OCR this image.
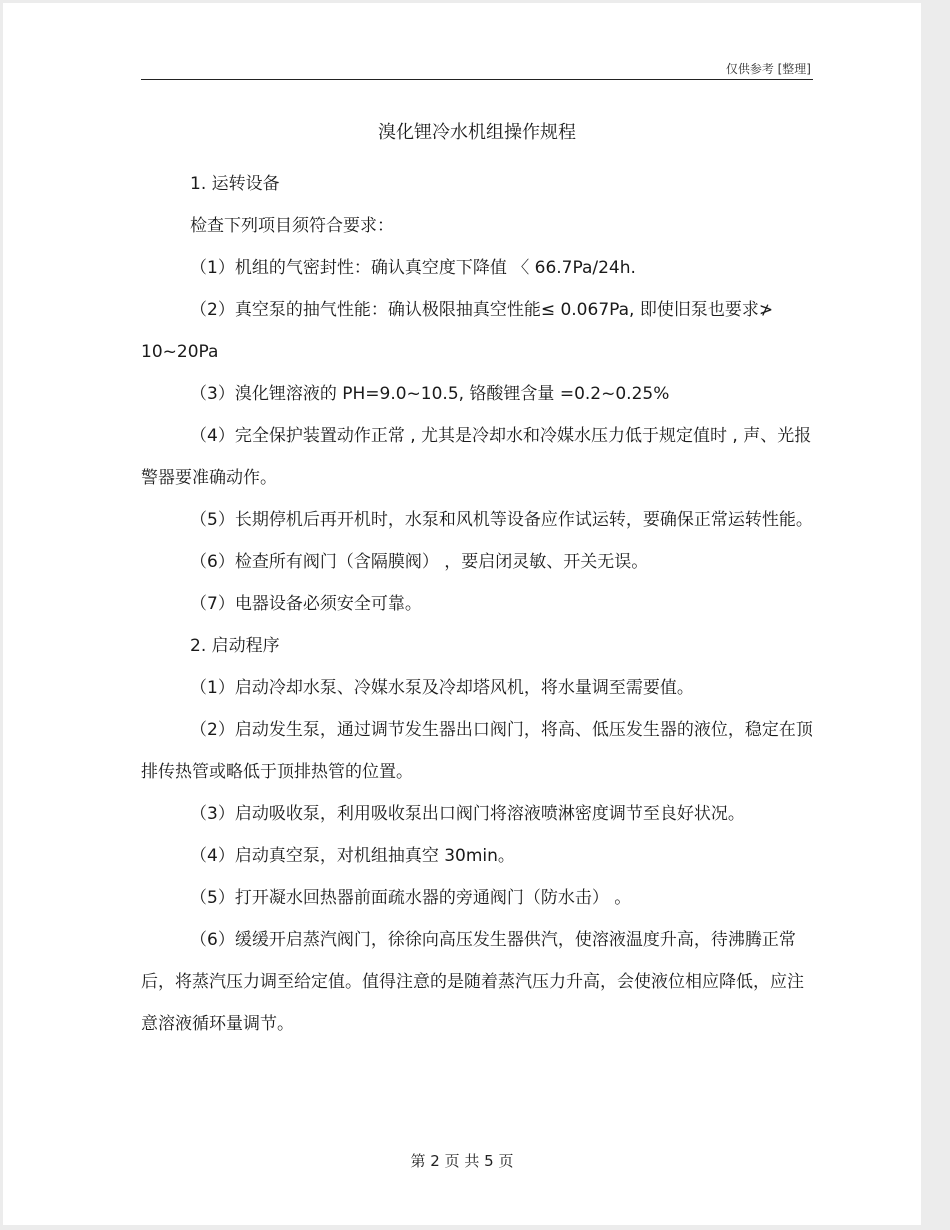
仅供参考 [整理]
溴化锂冷水机组操作规程

1. 运转设备

检查下列项目须符合要求：

（1）机组的气密封性：确认真空度下降值 〈 66.7Pa/24h.

（2）真空泵的抽气性能：确认极限抽真空性能≤ 0.067Pa, 即使旧泵也要求≯ 10~20Pa

（3）溴化锂溶液的 PH=9.0~10.5, 铬酸锂含量 =0.2~0.25%

（4）完全保护装置动作正常 , 尤其是冷却水和冷媒水压力低于规定值时 , 声、光报警器要准确动作。

（5）长期停机后再开机时，水泵和风机等设备应作试运转，要确保正常运转性能。

（6）检查所有阀门（含隔膜阀） ，要启闭灵敏、开关无误。

（7）电器设备必须安全可靠。

2. 启动程序

（1）启动冷却水泵、冷媒水泵及冷却塔风机，将水量调至需要值。

（2）启动发生泵，通过调节发生器出口阀门，将高、低压发生器的液位，稳定在顶排传热管或略低于顶排热管的位置。

（3）启动吸收泵，利用吸收泵出口阀门将溶液喷淋密度调节至良好状况。

（4）启动真空泵，对机组抽真空 30min。

（5）打开凝水回热器前面疏水器的旁通阀门（防水击） 。

（6）缓缓开启蒸汽阀门，徐徐向高压发生器供汽，使溶液温度升高，待沸腾正常后，将蒸汽压力调至给定值。值得注意的是随着蒸汽压力升高，会使液位相应降低，应注意溶液循环量调节。

第 2 页 共 5 页
